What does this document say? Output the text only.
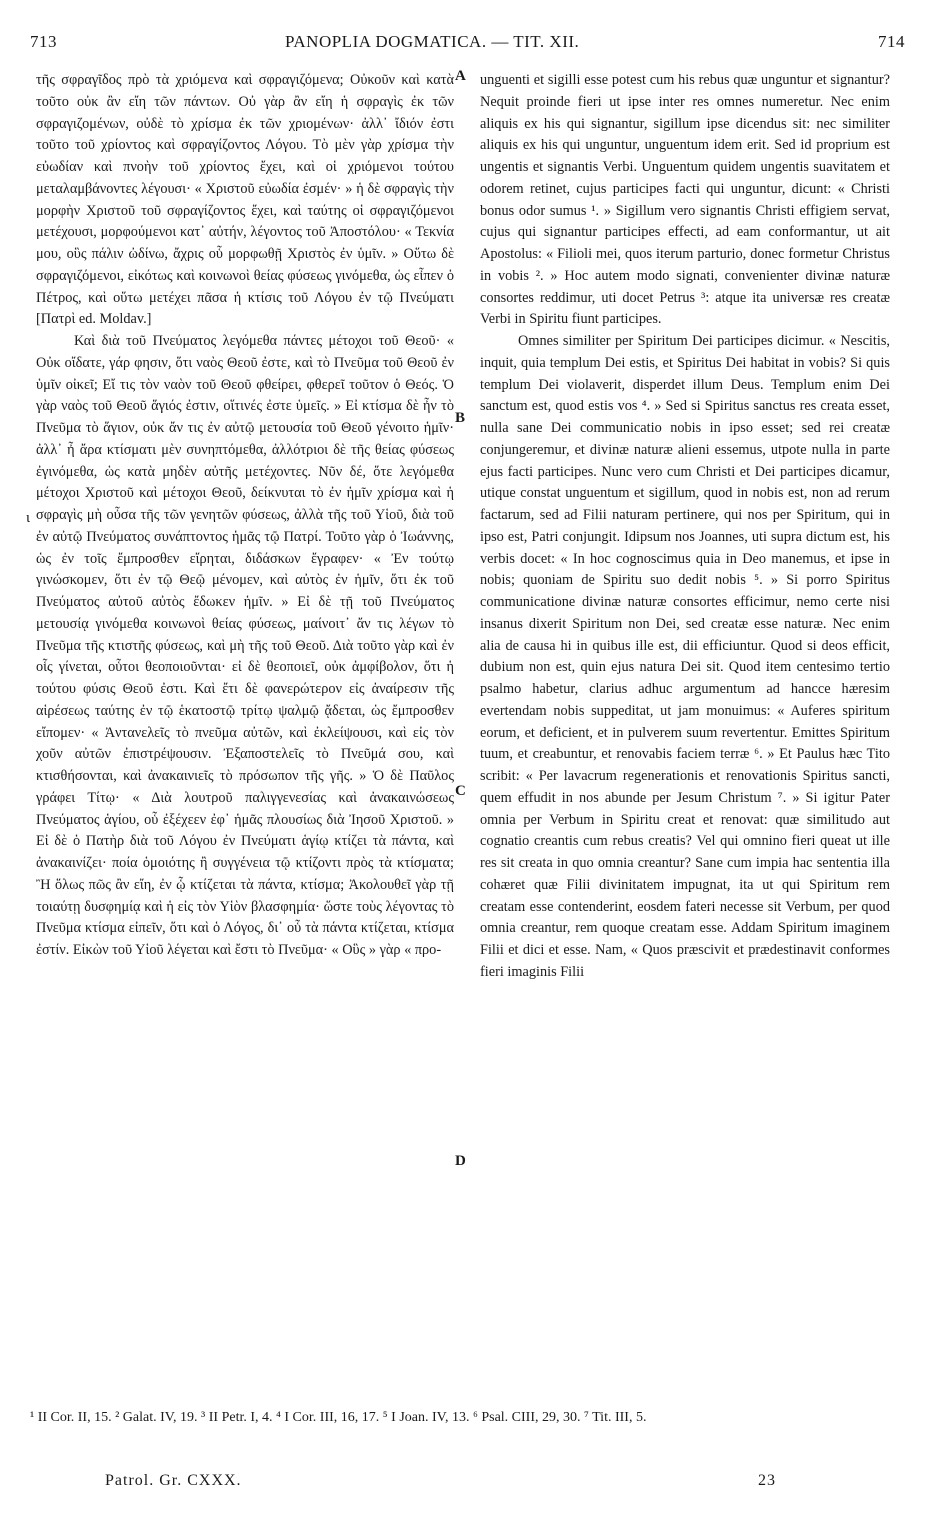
713	PANOPLIA DOGMATICA. — TIT. XII.	714
ι

τῆς σφραγῖδος πρὸ τὰ χριόμενα καὶ σφραγιζόμενα; Οὐκοῦν καὶ κατὰ τοῦτο οὐκ ἂν εἴη τῶν πάντων. Οὐ γὰρ ἂν εἴη ἡ σφραγὶς ἐκ τῶν σφραγιζομένων, οὐδὲ τὸ χρίσμα ἐκ τῶν χριομένων· ἀλλ᾽ ἴδιόν ἐστι τοῦτο τοῦ χρίοντος καὶ σφραγίζοντος Λόγου. Τὸ μὲν γὰρ χρίσμα τὴν εὐωδίαν καὶ πνοὴν τοῦ χρίοντος ἔχει, καὶ οἱ χριόμενοι τούτου μεταλαμβάνοντες λέγουσι· « Χριστοῦ εὐωδία ἐσμέν· » ἡ δὲ σφραγὶς τὴν μορφὴν Χριστοῦ τοῦ σφραγίζοντος ἔχει, καὶ ταύτης οἱ σφραγιζόμενοι μετέχουσι, μορφούμενοι κατ᾽ αὐτήν, λέγοντος τοῦ Ἀποστόλου· « Τεκνία μου, οὓς πάλιν ὠδίνω, ἄχρις οὗ μορφωθῇ Χριστὸς ἐν ὑμῖν. » Οὕτω δὲ σφραγιζόμενοι, εἰκότως καὶ κοινωνοὶ θείας φύσεως γινόμεθα, ὡς εἶπεν ὁ Πέτρος, καὶ οὕτω μετέχει πᾶσα ἡ κτίσις τοῦ Λόγου ἐν τῷ Πνεύματι [Πατρὶ ed. Moldav.]

Καὶ διὰ τοῦ Πνεύματος λεγόμεθα πάντες μέτοχοι τοῦ Θεοῦ· « Οὐκ οἴδατε, γάρ φησιν, ὅτι ναὸς Θεοῦ ἐστε, καὶ τὸ Πνεῦμα τοῦ Θεοῦ ἐν ὑμῖν οἰκεῖ; Εἴ τις τὸν ναὸν τοῦ Θεοῦ φθείρει, φθερεῖ τοῦτον ὁ Θεός. Ὁ γὰρ ναὸς τοῦ Θεοῦ ἅγιός ἐστιν, οἵτινές ἐστε ὑμεῖς. » Εἰ κτίσμα δὲ ἦν τὸ Πνεῦμα τὸ ἅγιον, οὐκ ἄν τις ἐν αὐτῷ μετουσία τοῦ Θεοῦ γένοιτο ἡμῖν· ἀλλ᾽ ἦ ἄρα κτίσματι μὲν συνηπτόμεθα, ἀλλότριοι δὲ τῆς θείας φύσεως ἐγινόμεθα, ὡς κατὰ μηδὲν αὐτῆς μετέχοντες. Νῦν δέ, ὅτε λεγόμεθα μέτοχοι Χριστοῦ καὶ μέτοχοι Θεοῦ, δείκνυται τὸ ἐν ἡμῖν χρίσμα καὶ ἡ σφραγὶς μὴ οὖσα τῆς τῶν γενητῶν φύσεως, ἀλλὰ τῆς τοῦ Υἱοῦ, διὰ τοῦ ἐν αὐτῷ Πνεύματος συνάπτοντος ἡμᾶς τῷ Πατρί. Τοῦτο γὰρ ὁ Ἰωάννης, ὡς ἐν τοῖς ἔμπροσθεν εἴρηται, διδάσκων ἔγραφεν· « Ἐν τούτῳ γινώσκομεν, ὅτι ἐν τῷ Θεῷ μένομεν, καὶ αὐτὸς ἐν ἡμῖν, ὅτι ἐκ τοῦ Πνεύματος αὐτοῦ αὐτὸς ἔδωκεν ἡμῖν. » Εἰ δὲ τῇ τοῦ Πνεύματος μετουσίᾳ γινόμεθα κοινωνοὶ θείας φύσεως, μαίνοιτ᾽ ἄν τις λέγων τὸ Πνεῦμα τῆς κτιστῆς φύσεως, καὶ μὴ τῆς τοῦ Θεοῦ. Διὰ τοῦτο γὰρ καὶ ἐν οἷς γίνεται, οὗτοι θεοποιοῦνται· εἰ δὲ θεοποιεῖ, οὐκ ἀμφίβολον, ὅτι ἡ τούτου φύσις Θεοῦ ἐστι. Καὶ ἔτι δὲ φανερώτερον εἰς ἀναίρεσιν τῆς αἱρέσεως ταύτης ἐν τῷ ἑκατοστῷ τρίτῳ ψαλμῷ ᾄδεται, ὡς ἔμπροσθεν εἴπομεν· « Ἀντανελεῖς τὸ πνεῦμα αὐτῶν, καὶ ἐκλείψουσι, καὶ εἰς τὸν χοῦν αὐτῶν ἐπιστρέψουσιν. Ἐξαποστελεῖς τὸ Πνεῦμά σου, καὶ κτισθήσονται, καὶ ἀνακαινιεῖς τὸ πρόσωπον τῆς γῆς. » Ὁ δὲ Παῦλος γράφει Τίτῳ· « Διὰ λουτροῦ παλιγγενεσίας καὶ ἀνακαινώσεως Πνεύματος ἁγίου, οὗ ἐξέχεεν ἐφ᾽ ἡμᾶς πλουσίως διὰ Ἰησοῦ Χριστοῦ. » Εἰ δὲ ὁ Πατὴρ διὰ τοῦ Λόγου ἐν Πνεύματι ἁγίῳ κτίζει τὰ πάντα, καὶ ἀνακαινίζει· ποία ὁμοιότης ἢ συγγένεια τῷ κτίζοντι πρὸς τὰ κτίσματα; Ἢ ὅλως πῶς ἂν εἴη, ἐν ᾧ κτίζεται τὰ πάντα, κτίσμα; Ἀκολουθεῖ γὰρ τῇ τοιαύτῃ δυσφημίᾳ καὶ ἡ εἰς τὸν Υἱὸν βλασφημία· ὥστε τοὺς λέγοντας τὸ Πνεῦμα κτίσμα εἰπεῖν, ὅτι καὶ ὁ Λόγος, δι᾽ οὗ τὰ πάντα κτίζεται, κτίσμα ἐστίν. Εἰκὼν τοῦ Υἱοῦ λέγεται καὶ ἔστι τὸ Πνεῦμα· « Οὓς » γὰρ « προ-

A
B
C
D

unguenti et sigilli esse potest cum his rebus quæ unguntur et signantur? Nequit proinde fieri ut ipse inter res omnes numeretur. Nec enim aliquis ex his qui signantur, sigillum ipse dicendus sit: nec similiter aliquis ex his qui unguntur, unguentum idem erit. Sed id proprium est ungentis et signantis Verbi. Unguentum quidem ungentis suavitatem et odorem retinet, cujus participes facti qui unguntur, dicunt: « Christi bonus odor sumus ¹. » Sigillum vero signantis Christi effigiem servat, cujus qui signantur participes effecti, ad eam conformantur, ut ait Apostolus: « Filioli mei, quos iterum parturio, donec formetur Christus in vobis ². » Hoc autem modo signati, convenienter divinæ naturæ consortes reddimur, uti docet Petrus ³: atque ita universæ res creatæ Verbi in Spiritu fiunt participes.

Omnes similiter per Spiritum Dei participes dicimur. « Nescitis, inquit, quia templum Dei estis, et Spiritus Dei habitat in vobis? Si quis templum Dei violaverit, disperdet illum Deus. Templum enim Dei sanctum est, quod estis vos ⁴. » Sed si Spiritus sanctus res creata esset, nulla sane Dei communicatio nobis in ipso esset; sed rei creatæ conjungeremur, et divinæ naturæ alieni essemus, utpote nulla in parte ejus facti participes. Nunc vero cum Christi et Dei participes dicamur, utique constat unguentum et sigillum, quod in nobis est, non ad rerum factarum, sed ad Filii naturam pertinere, qui nos per Spiritum, qui in ipso est, Patri conjungit. Idipsum nos Joannes, uti supra dictum est, his verbis docet: « In hoc cognoscimus quia in Deo manemus, et ipse in nobis; quoniam de Spiritu suo dedit nobis ⁵. » Si porro Spiritus communicatione divinæ naturæ consortes efficimur, nemo certe nisi insanus dixerit Spiritum non Dei, sed creatæ esse naturæ. Nec enim alia de causa hi in quibus ille est, dii efficiuntur. Quod si deos efficit, dubium non est, quin ejus natura Dei sit. Quod item centesimo tertio psalmo habetur, clarius adhuc argumentum ad hancce hæresim evertendam nobis suppeditat, ut jam monuimus: « Auferes spiritum eorum, et deficient, et in pulverem suum revertentur. Emittes Spiritum tuum, et creabuntur, et renovabis faciem terræ ⁶. » Et Paulus hæc Tito scribit: « Per lavacrum regenerationis et renovationis Spiritus sancti, quem effudit in nos abunde per Jesum Christum ⁷. » Si igitur Pater omnia per Verbum in Spiritu creat et renovat: quæ similitudo aut cognatio creantis cum rebus creatis? Vel qui omnino fieri queat ut ille res sit creata in quo omnia creantur? Sane cum impia hac sententia illa cohæret quæ Filii divinitatem impugnat, ita ut qui Spiritum rem creatam esse contenderint, eosdem fateri necesse sit Verbum, per quod omnia creantur, rem quoque creatam esse. Addam Spiritum imaginem Filii et dici et esse. Nam, « Quos præscivit et prædestinavit conformes fieri imaginis Filii

¹ II Cor. II, 15. ² Galat. IV, 19. ³ II Petr. I, 4. ⁴ I Cor. III, 16, 17. ⁵ I Joan. IV, 13. ⁶ Psal. CIII, 29, 30. ⁷ Tit. III, 5.
Patrol. Gr. CXXX.	23
